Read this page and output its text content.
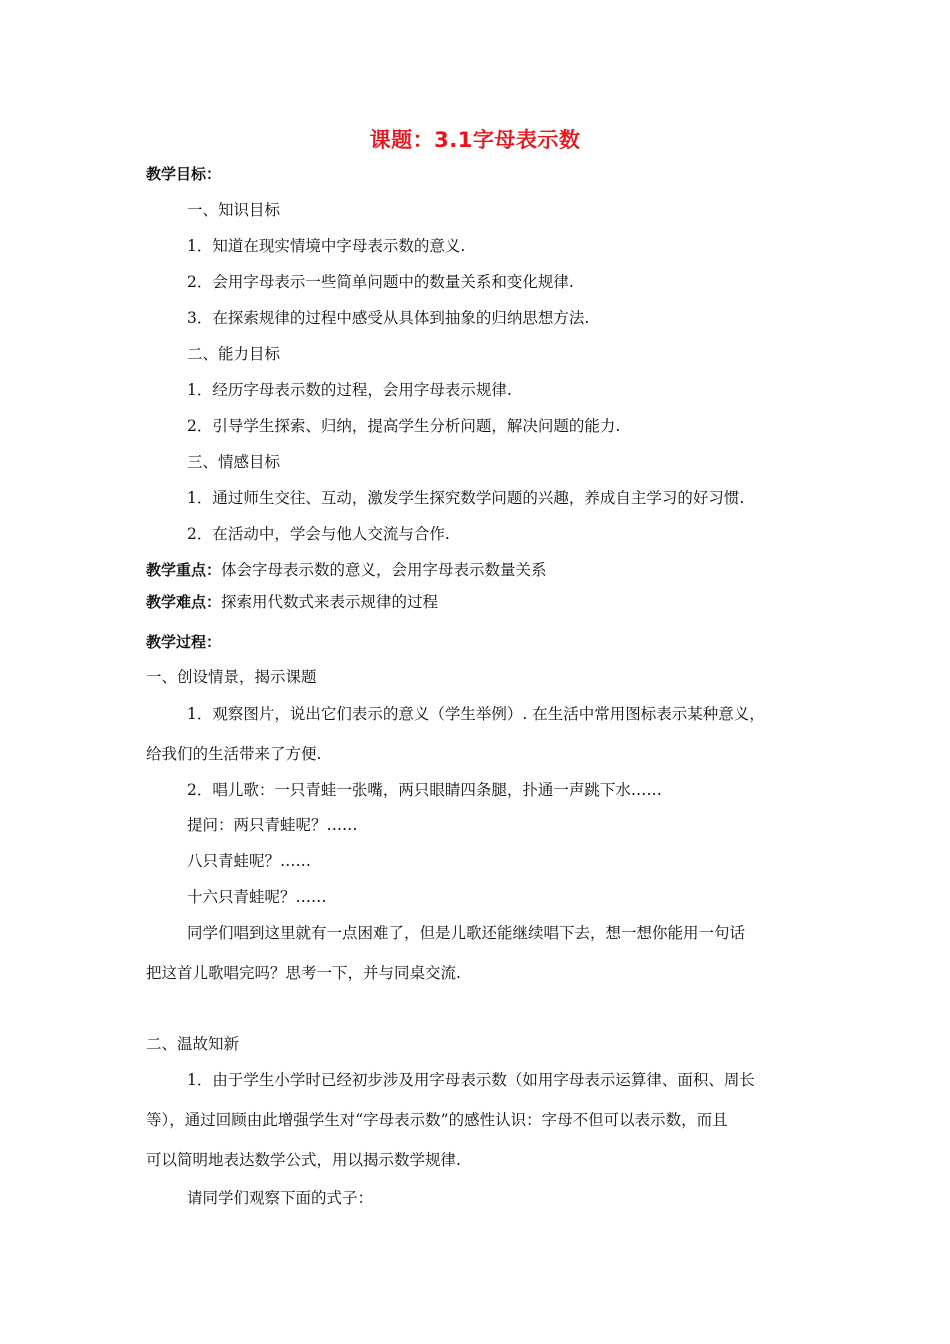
课题：3.1字母表示数
教学目标：
一、知识目标
1．知道在现实情境中字母表示数的意义.
2．会用字母表示一些简单问题中的数量关系和变化规律.
3．在探索规律的过程中感受从具体到抽象的归纳思想方法.
二、能力目标
1．经历字母表示数的过程，会用字母表示规律.
2．引导学生探索、归纳，提高学生分析问题，解决问题的能力.
三、情感目标
1．通过师生交往、互动，激发学生探究数学问题的兴趣，养成自主学习的好习惯.
2．在活动中，学会与他人交流与合作.
教学重点：体会字母表示数的意义，会用字母表示数量关系
教学难点：探索用代数式来表示规律的过程
教学过程：
一、创设情景，揭示课题
1．观察图片，说出它们表示的意义（学生举例）. 在生活中常用图标表示某种意义，
给我们的生活带来了方便.
2．唱儿歌：一只青蛙一张嘴，两只眼睛四条腿，扑通一声跳下水……
提问：两只青蛙呢？……
八只青蛙呢？……
十六只青蛙呢？……
同学们唱到这里就有一点困难了，但是儿歌还能继续唱下去，想一想你能用一句话
把这首儿歌唱完吗？思考一下，并与同桌交流.
二、温故知新
1．由于学生小学时已经初步涉及用字母表示数（如用字母表示运算律、面积、周长
等），通过回顾由此增强学生对“字母表示数”的感性认识：字母不但可以表示数，而且
可以简明地表达数学公式，用以揭示数学规律.
请同学们观察下面的式子：
